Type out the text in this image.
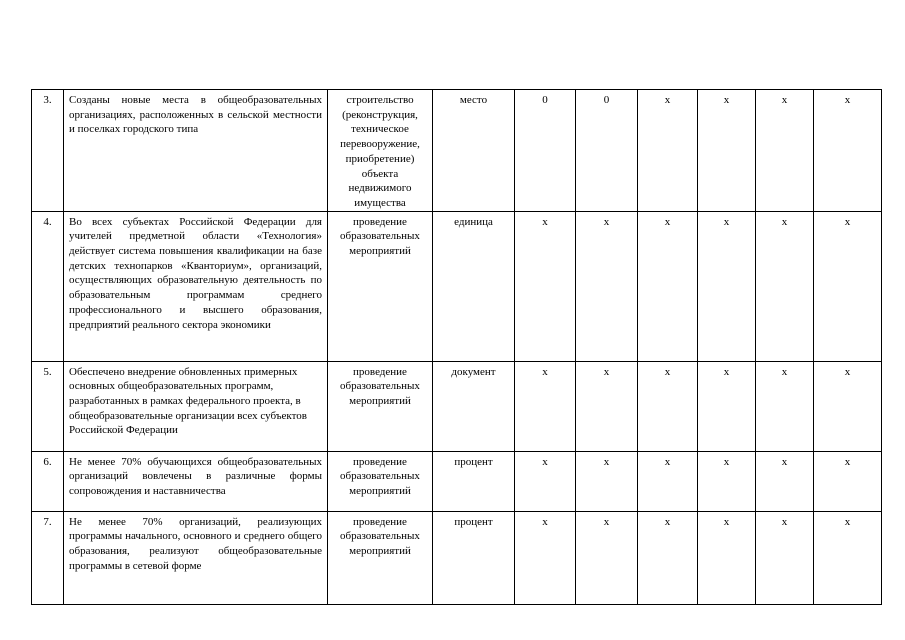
3.	Созданы новые места в общеобразовательных организациях, расположенных в сельской местности и поселках городского типа	строительство (реконструкция, техническое перевооружение, приобретение) объекта недвижимого имущества	место	0	0	x	x	x	x
4.	Во всех субъектах Российской Федерации для учителей предметной области «Технология» действует система повышения квалификации на базе детских технопарков «Кванториум», организаций, осуществляющих образовательную деятельность по образовательным программам среднего профессионального и высшего образования, предприятий реального сектора экономики	проведение образовательных мероприятий	единица	x	x	x	x	x	x
5.	Обеспечено внедрение обновленных примерных основных общеобразовательных программ, разработанных в рамках федерального проекта, в общеобразовательные организации всех субъектов Российской Федерации	проведение образовательных мероприятий	документ	x	x	x	x	x	x
6.	Не менее 70% обучающихся общеобразовательных организаций вовлечены в различные формы сопровождения и наставничества	проведение образовательных мероприятий	процент	x	x	x	x	x	x
7.	Не менее 70% организаций, реализующих программы начального, основного и среднего общего образования, реализуют общеобразовательные программы в сетевой форме	проведение образовательных мероприятий	процент	x	x	x	x	x	x
